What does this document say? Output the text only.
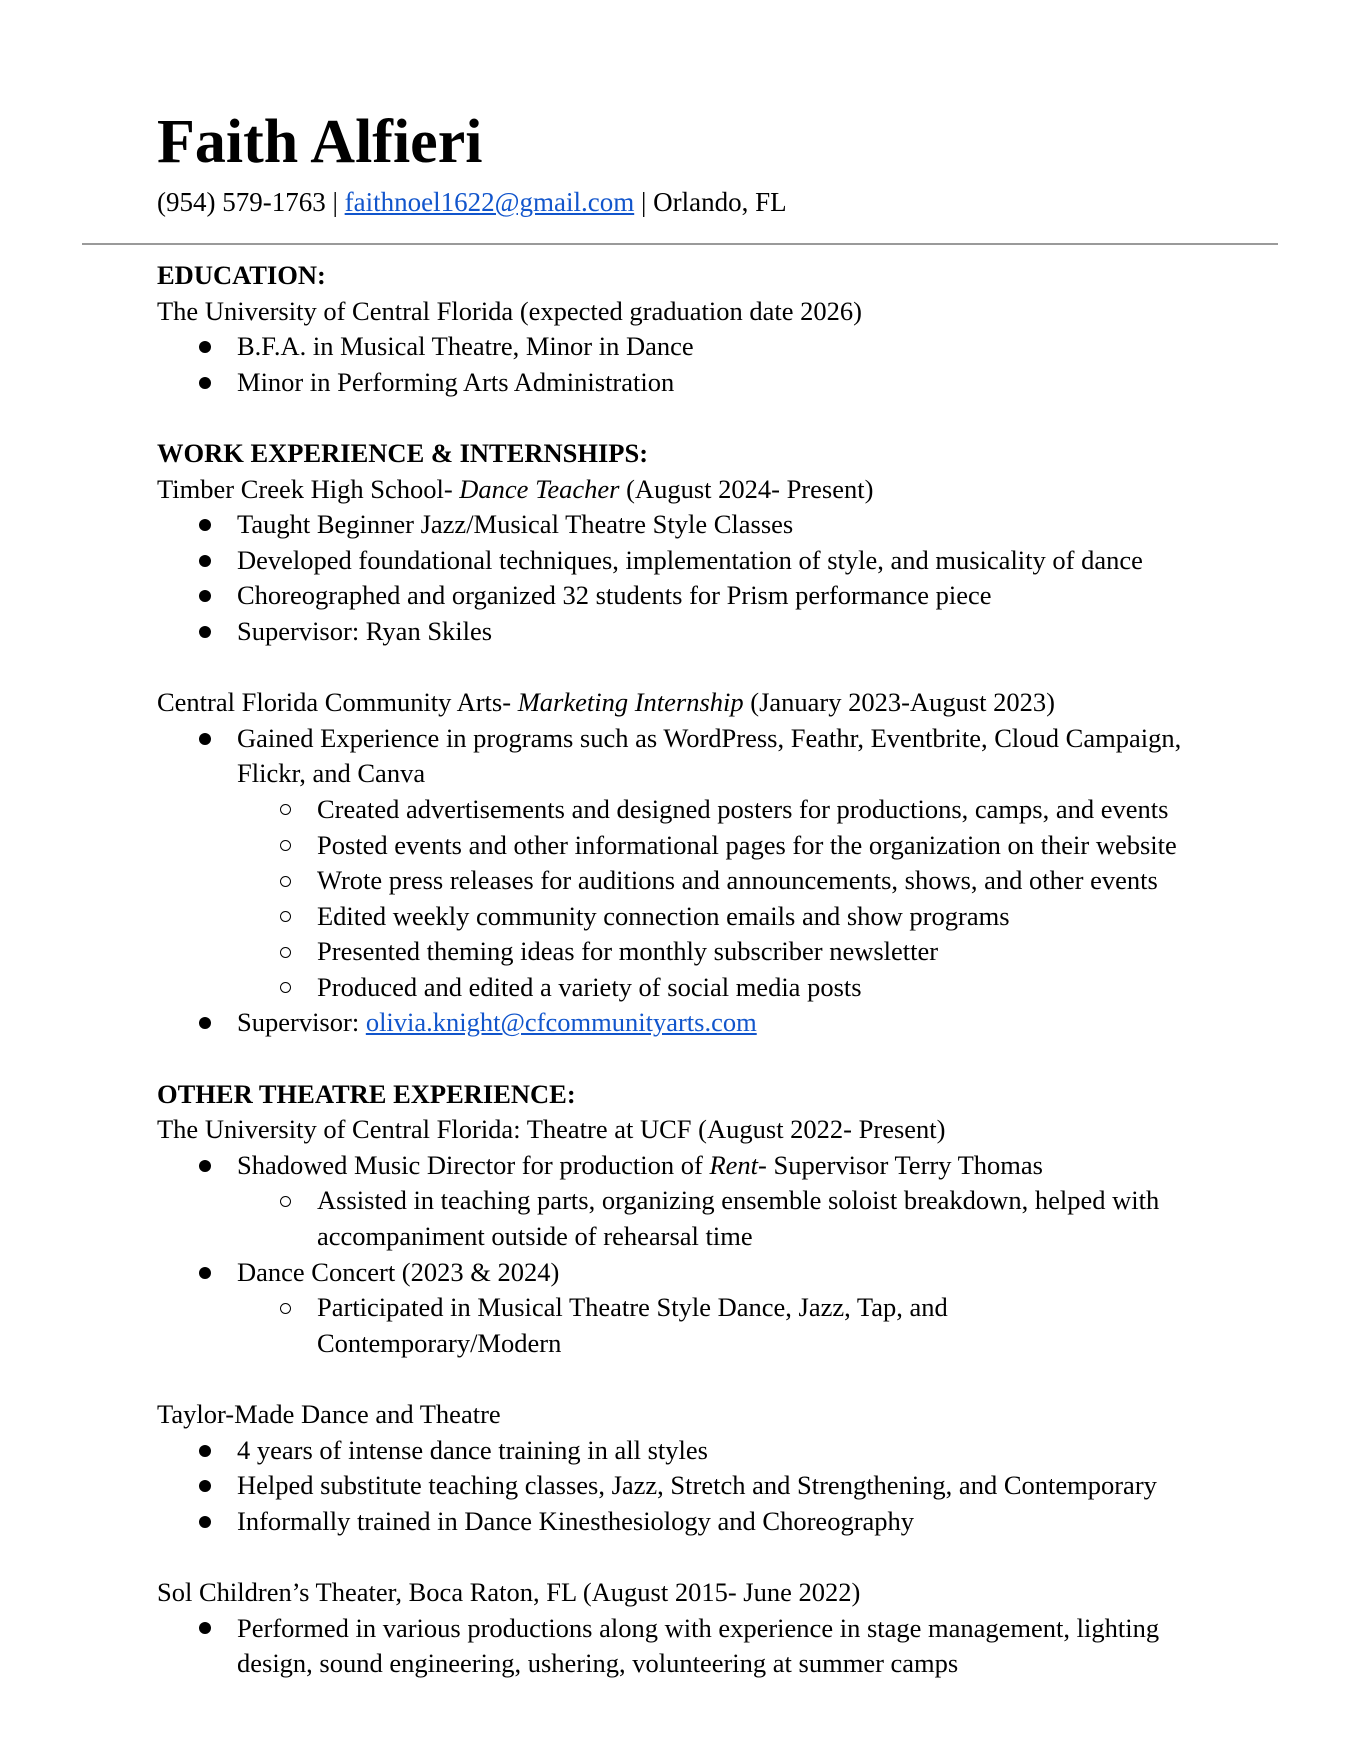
Faith Alfieri
(954) 579-1763 | faithnoel1622@gmail.com | Orlando, FL
EDUCATION:
The University of Central Florida (expected graduation date 2026)
B.F.A. in Musical Theatre, Minor in Dance
Minor in Performing Arts Administration
WORK EXPERIENCE & INTERNSHIPS:
Timber Creek High School- Dance Teacher (August 2024- Present)
Taught Beginner Jazz/Musical Theatre Style Classes
Developed foundational techniques, implementation of style, and musicality of dance
Choreographed and organized 32 students for Prism performance piece
Supervisor: Ryan Skiles
Central Florida Community Arts- Marketing Internship (January 2023-August 2023)
Gained Experience in programs such as WordPress, Feathr, Eventbrite, Cloud Campaign,
Flickr, and Canva
Created advertisements and designed posters for productions, camps, and events
Posted events and other informational pages for the organization on their website
Wrote press releases for auditions and announcements, shows, and other events
Edited weekly community connection emails and show programs
Presented theming ideas for monthly subscriber newsletter
Produced and edited a variety of social media posts
Supervisor: olivia.knight@cfcommunityarts.com
OTHER THEATRE EXPERIENCE:
The University of Central Florida: Theatre at UCF (August 2022- Present)
Shadowed Music Director for production of Rent- Supervisor Terry Thomas
Assisted in teaching parts, organizing ensemble soloist breakdown, helped with
accompaniment outside of rehearsal time
Dance Concert (2023 & 2024)
Participated in Musical Theatre Style Dance, Jazz, Tap, and
Contemporary/Modern
Taylor-Made Dance and Theatre
4 years of intense dance training in all styles
Helped substitute teaching classes, Jazz, Stretch and Strengthening, and Contemporary
Informally trained in Dance Kinesthesiology and Choreography
Sol Children’s Theater, Boca Raton, FL (August 2015- June 2022)
Performed in various productions along with experience in stage management, lighting
design, sound engineering, ushering, volunteering at summer camps
